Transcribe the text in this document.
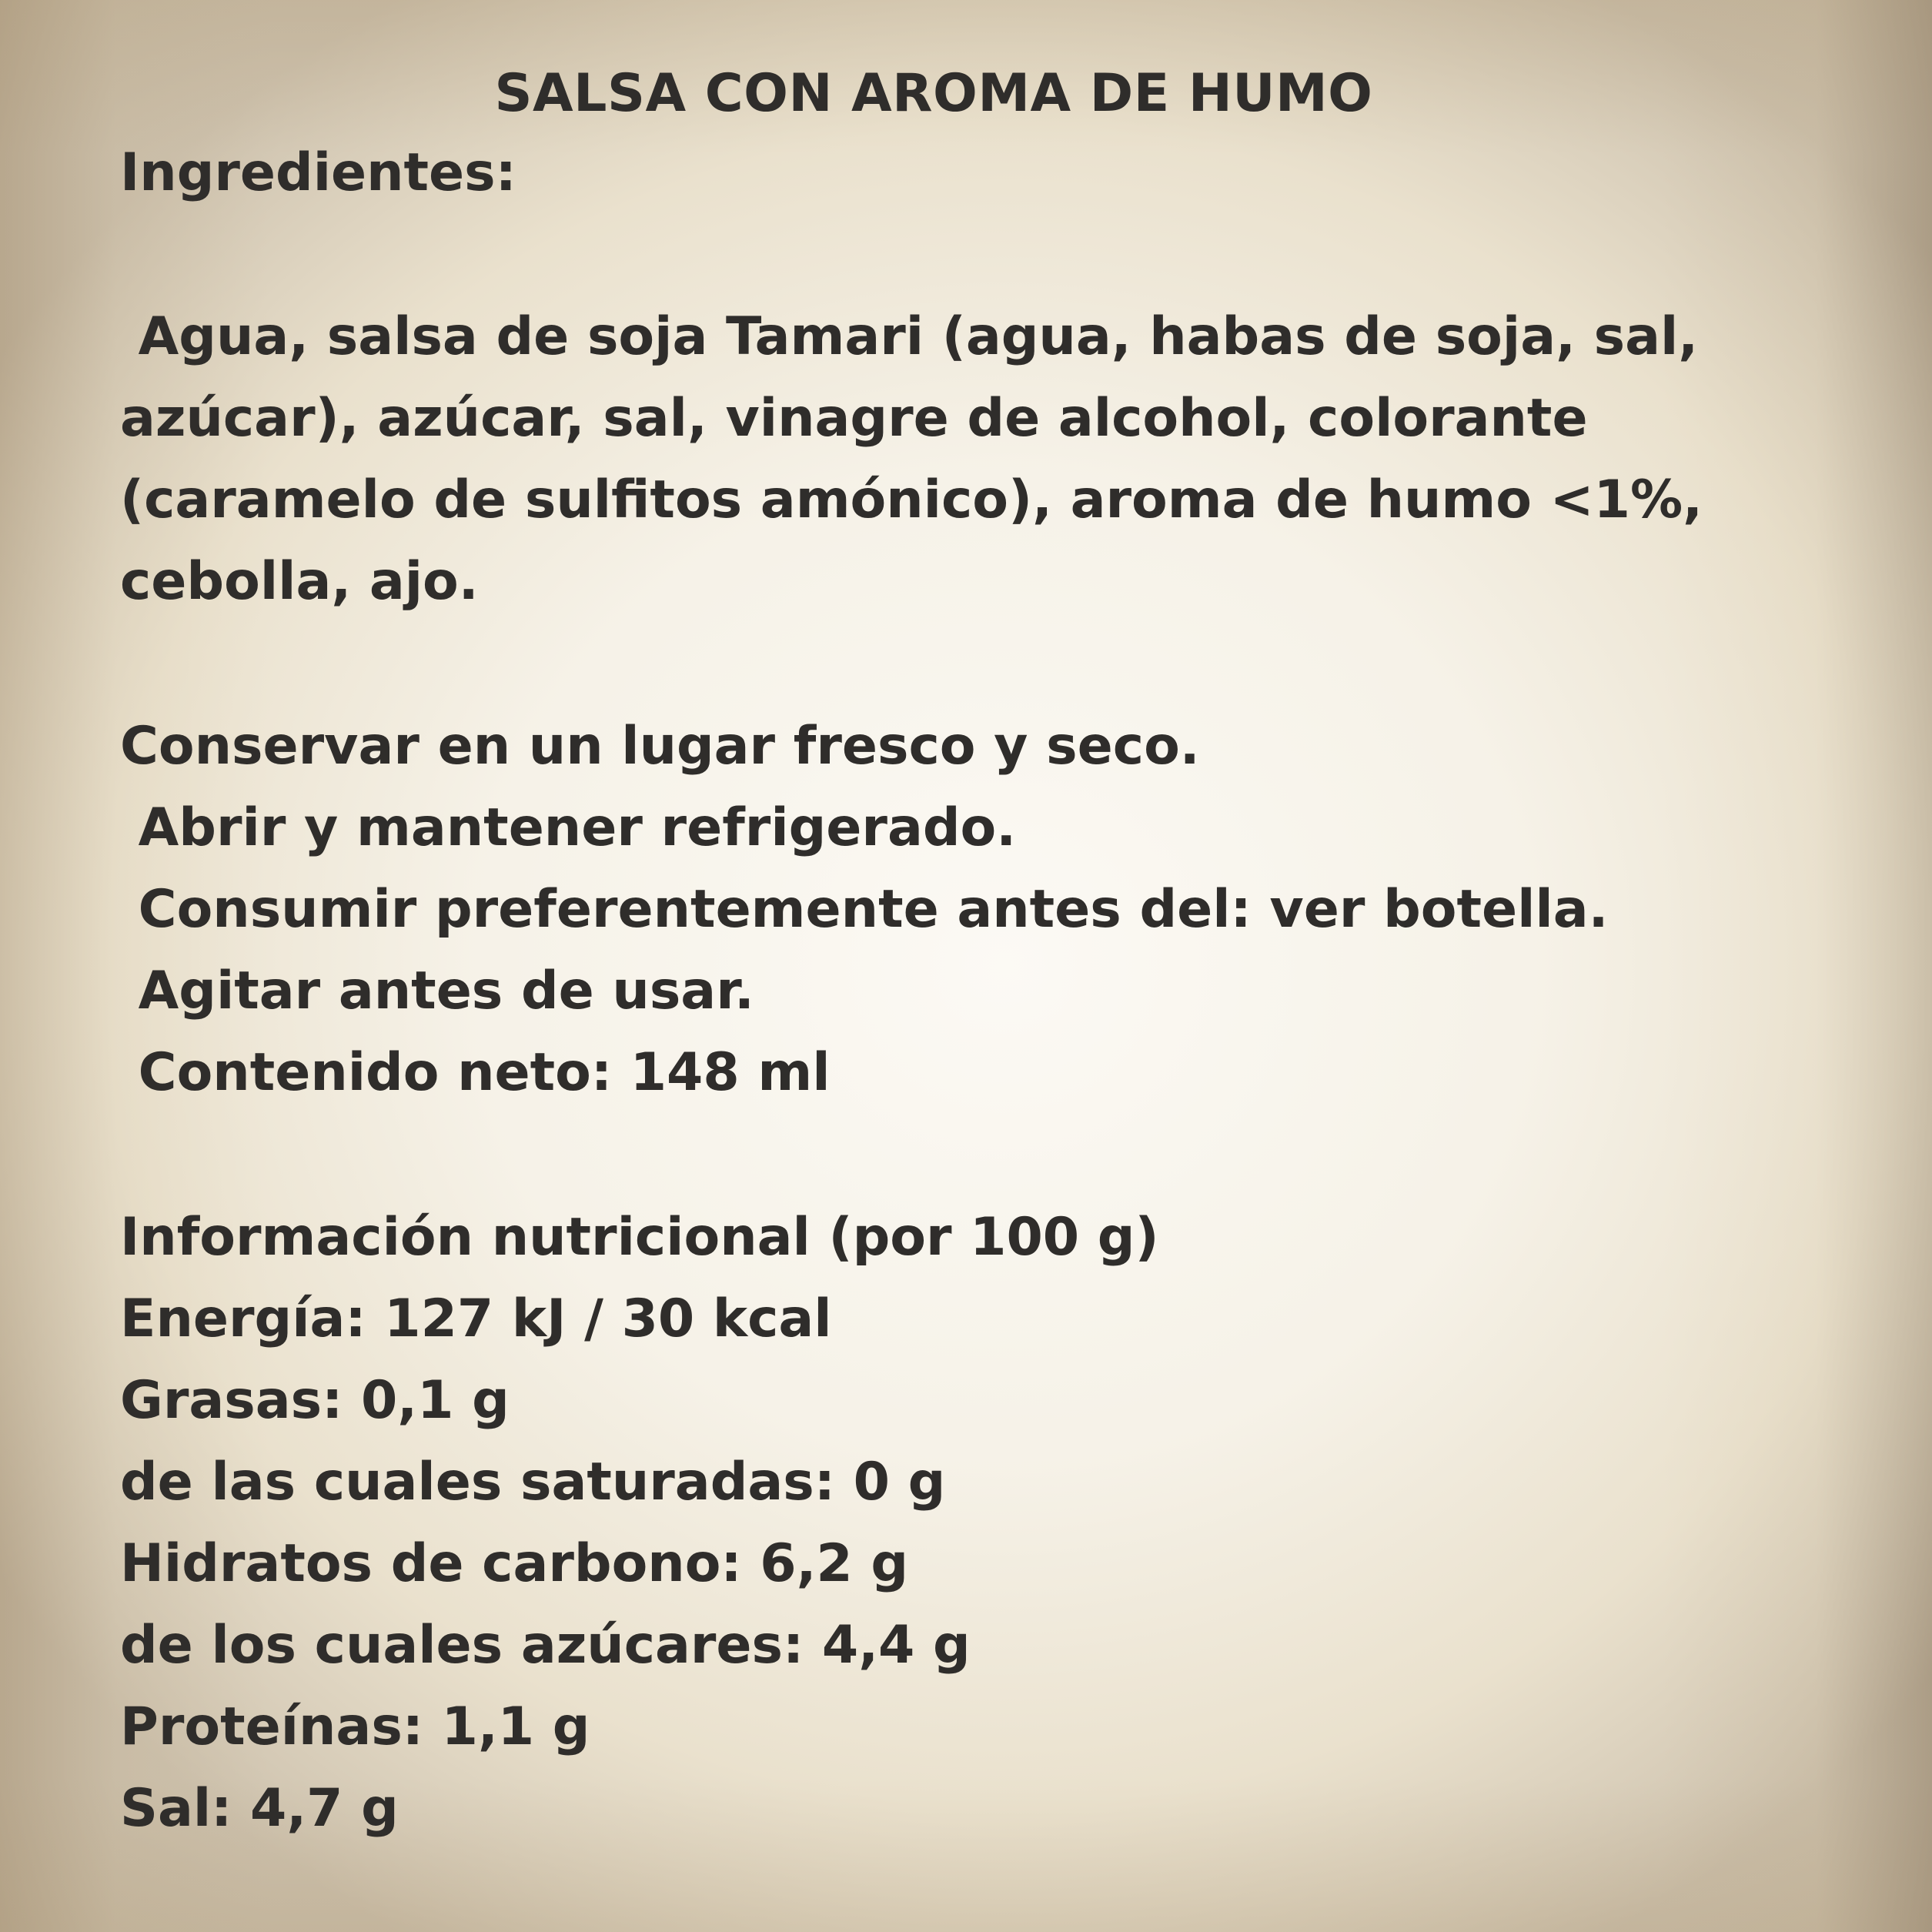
SALSA CON AROMA DE HUMO

Ingredientes:

Agua, salsa de soja Tamari (agua, habas de soja, sal,

azúcar), azúcar, sal, vinagre de alcohol, colorante

(caramelo de sulfitos amónico), aroma de humo <1%,

cebolla, ajo.

Conservar en un lugar fresco y seco.

Abrir y mantener refrigerado.

Consumir preferentemente antes del: ver botella.

Agitar antes de usar.

Contenido neto: 148 ml

Información nutricional (por 100 g)

Energía: 127 kJ / 30 kcal

Grasas: 0,1 g

de las cuales saturadas: 0 g

Hidratos de carbono: 6,2 g

de los cuales azúcares: 4,4 g

Proteínas: 1,1 g

Sal: 4,7 g
